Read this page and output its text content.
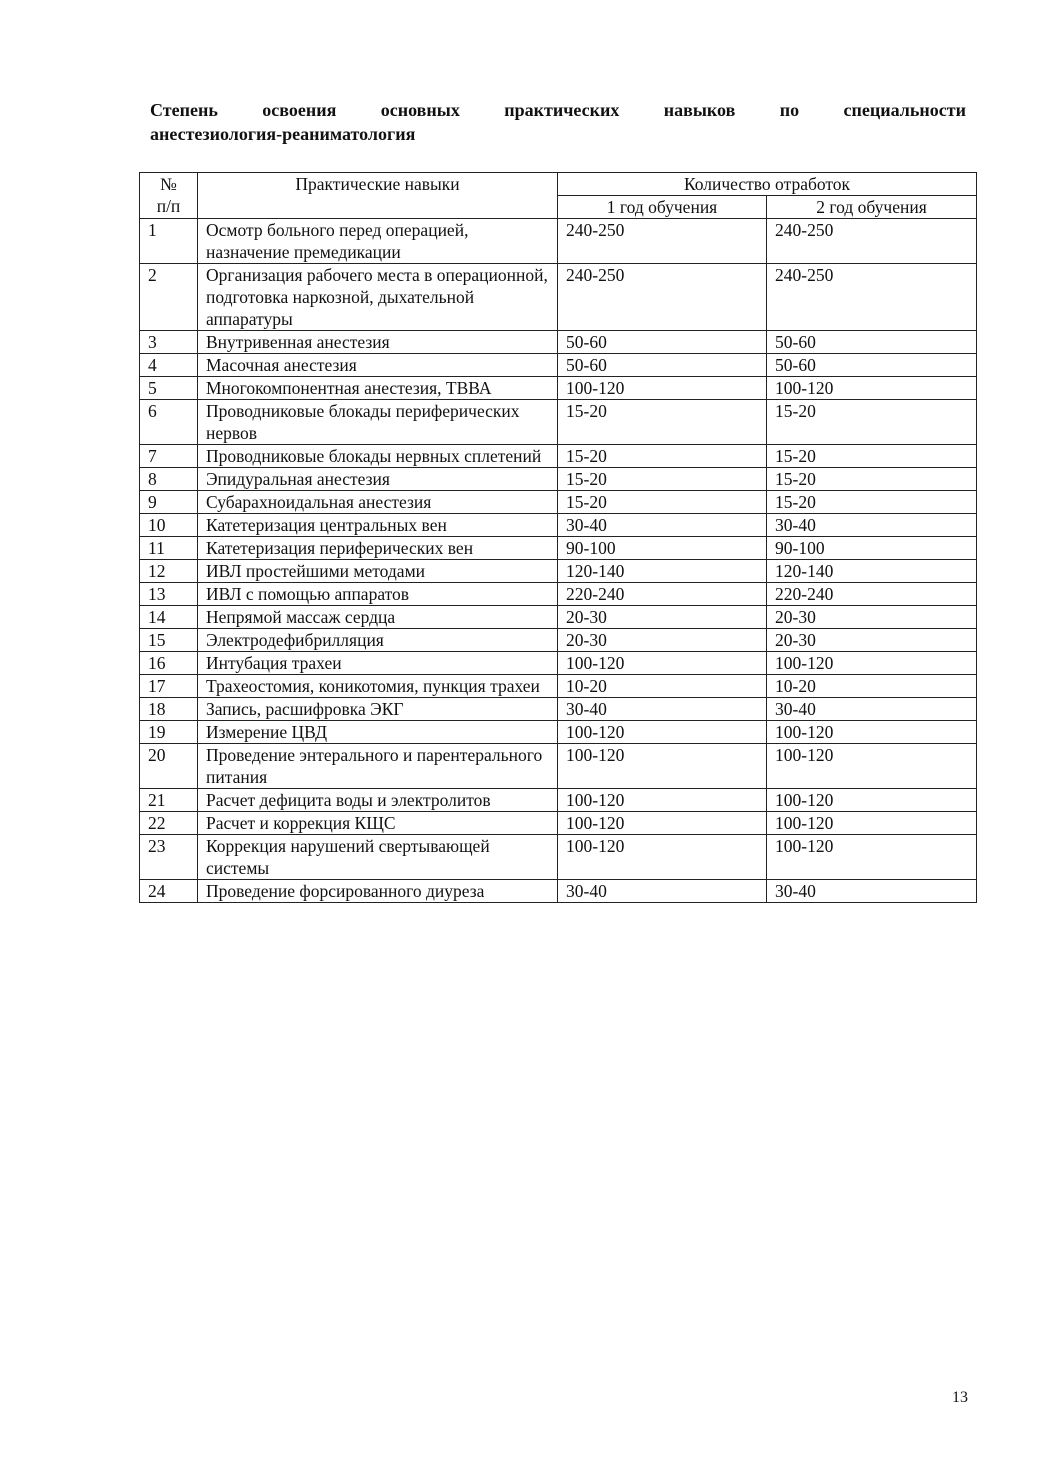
Степень освоения основных практических навыков по специальности
анестезиология-реаниматология
№
п/п	Практические навыки	Количество отработок	
		1 год обучения	2 год обучения
1	Осмотр больного перед операцией, назначение премедикации	240-250	240-250
2	Организация рабочего места в операционной, подготовка наркозной, дыхательной аппаратуры	240-250	240-250
3	Внутривенная анестезия	50-60	50-60
4	Масочная анестезия	50-60	50-60
5	Многокомпонентная анестезия, ТВВА	100-120	100-120
6	Проводниковые блокады периферических нервов	15-20	15-20
7	Проводниковые блокады нервных сплетений	15-20	15-20
8	Эпидуральная анестезия	15-20	15-20
9	Субарахноидальная анестезия	15-20	15-20
10	Катетеризация центральных вен	30-40	30-40
11	Катетеризация периферических вен	90-100	90-100
12	ИВЛ простейшими методами	120-140	120-140
13	ИВЛ с помощью аппаратов	220-240	220-240
14	Непрямой массаж сердца	20-30	20-30
15	Электродефибрилляция	20-30	20-30
16	Интубация трахеи	100-120	100-120
17	Трахеостомия, коникотомия, пункция трахеи	10-20	10-20
18	Запись, расшифровка ЭКГ	30-40	30-40
19	Измерение ЦВД	100-120	100-120
20	Проведение энтерального и парентерального питания	100-120	100-120
21	Расчет дефицита воды и электролитов	100-120	100-120
22	Расчет и коррекция КЩС	100-120	100-120
23	Коррекция нарушений свертывающей системы	100-120	100-120
24	Проведение форсированного диуреза	30-40	30-40
13
